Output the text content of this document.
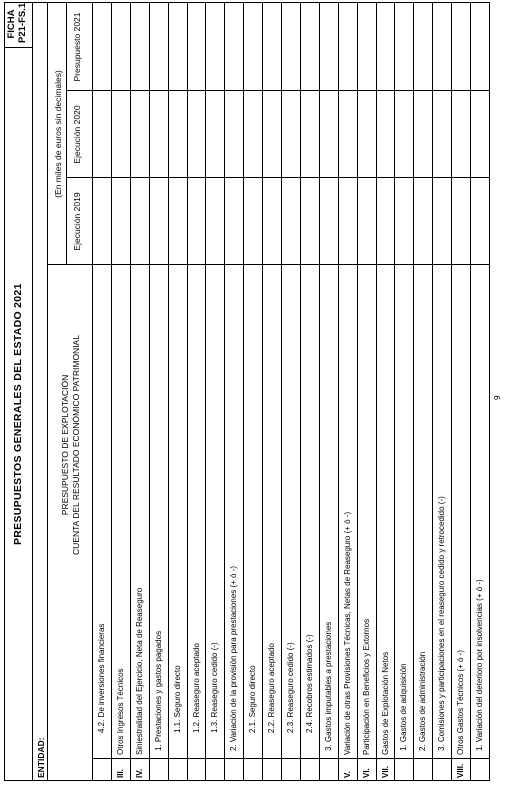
PRESUPUESTOS GENERALES DEL ESTADO 2021
FICHA P21-FS.1
ENTIDAD:
PRESUPUESTO DE EXPLOTACIÓN CUENTA DEL RESULTADO ECONÓMICO PATRIMONIAL
(En miles de euros sin decimales)
Ejecución 2019
Ejecución 2020
Presupuesto 2021
4.2. De inversiones financieras
III.
Otros Ingresos Técnicos
IV.
Siniestralidad del Ejercicio, Neta de Reaseguro 1. Prestaciones y gastos pagados 1.1. Seguro directo 1.2. Reaseguro aceptado 1.3. Reaseguro cedido (-) 2. Variación de la provisión para prestaciones (+ ó -) 2.1. Seguro directo 2.2. Reaseguro aceptado 2.3. Reaseguro cedido (-) 2.4. Recobros estimados (-) 3. Gastos imputables a prestaciones
V.
Variación de otras Provisiones Técnicas, Netas de Reaseguro (+ ó -)
VI.
Participación en Beneficios y Extornos
VII.
Gastos de Explotación Netos 1. Gastos de adquisición 2. Gastos de administración 3. Comisiones y participaciones en el reaseguro cedido y retrocedido (-)
VIII.
Otros Gastos Técnicos (+ ó -) 1. Variación del deterioro por insolvencias (+ ó -)
9
